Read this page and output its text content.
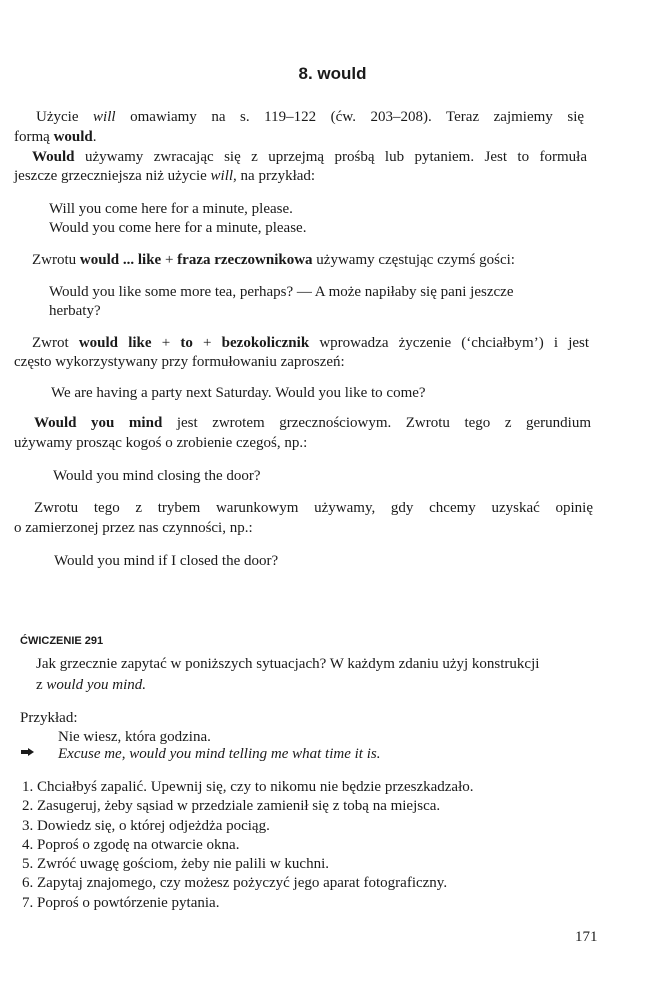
8. would
Użycie will omawiamy na s. 119–122 (ćw. 203–208). Teraz zajmiemy się
formą would.
Would używamy zwracając się z uprzejmą prośbą lub pytaniem. Jest to formuła
jeszcze grzeczniejsza niż użycie will, na przykład:
Will you come here for a minute, please.
Would you come here for a minute, please.
Zwrotu would ... like + fraza rzeczownikowa używamy częstując czymś gości:
Would you like some more tea, perhaps? — A może napiłaby się pani jeszcze
herbaty?
Zwrot would like + to + bezokolicznik wprowadza życzenie (‘chciałbym’) i jest
często wykorzystywany przy formułowaniu zaproszeń:
We are having a party next Saturday. Would you like to come?
Would you mind jest zwrotem grzecznościowym. Zwrotu tego z gerundium
używamy prosząc kogoś o zrobienie czegoś, np.:
Would you mind closing the door?
Zwrotu tego z trybem warunkowym używamy, gdy chcemy uzyskać opinię
o zamierzonej przez nas czynności, np.:
Would you mind if I closed the door?
ĆWICZENIE 291
Jak grzecznie zapytać w poniższych sytuacjach? W każdym zdaniu użyj konstrukcji
z would you mind.
Przykład:
Nie wiesz, która godzina.
Excuse me, would you mind telling me what time it is.
1. Chciałbyś zapalić. Upewnij się, czy to nikomu nie będzie przeszkadzało.
2. Zasugeruj, żeby sąsiad w przedziale zamienił się z tobą na miejsca.
3. Dowiedz się, o której odjeżdża pociąg.
4. Poproś o zgodę na otwarcie okna.
5. Zwróć uwagę gościom, żeby nie palili w kuchni.
6. Zapytaj znajomego, czy możesz pożyczyć jego aparat fotograficzny.
7. Poproś o powtórzenie pytania.
171
